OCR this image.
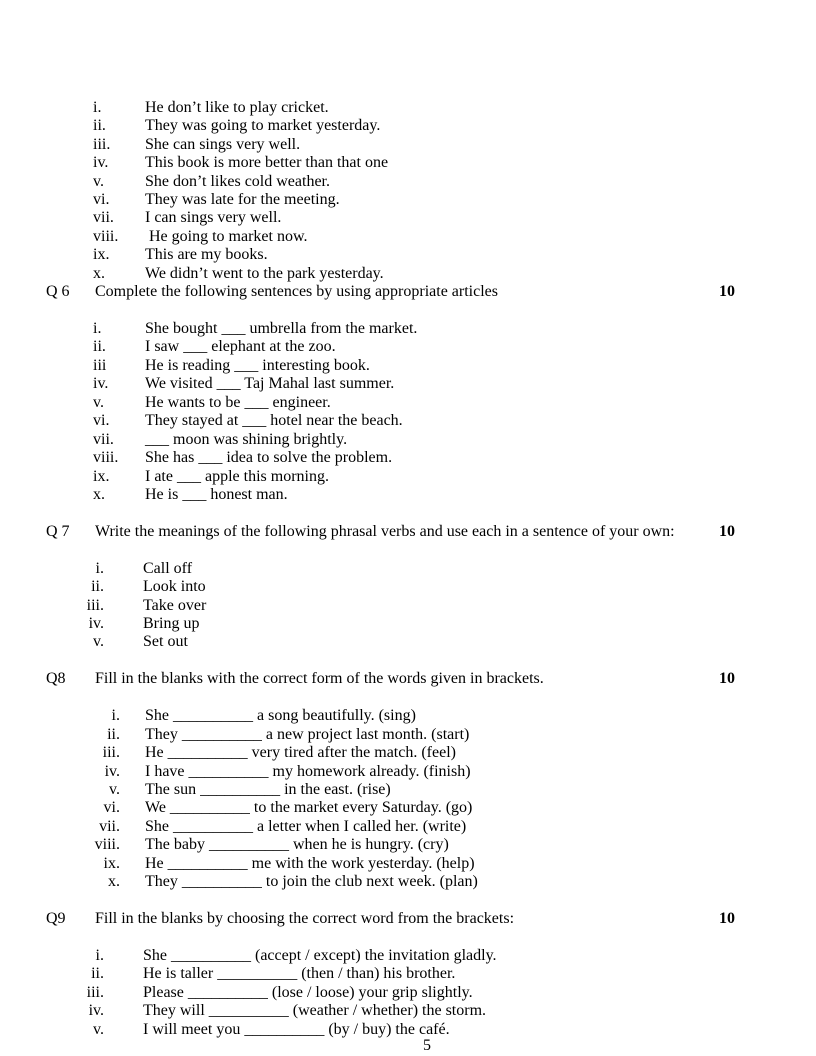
i.	He don’t like to play cricket.
ii. They was going to market yesterday.
iii. She can sings very well.
iv. This book is more better than that one
v.	She don’t likes cold weather.
vi. They was late for the meeting.
vii. I can sings very well.
viii. He going to market now.
ix. This are my books.
x.	We didn’t went to the park yesterday.
Q 6 Complete the following sentences by using appropriate articles	10
i.	She bought ___ umbrella from the market.
ii. I saw ___ elephant at the zoo.
iii He is reading ___ interesting book.
iv. We visited ___ Taj Mahal last summer.
v.	He wants to be ___ engineer.
vi. They stayed at ___ hotel near the beach.
vii. ___ moon was shining brightly.
viii. She has ___ idea to solve the problem.
ix. I ate ___ apple this morning.
x.	He is ___ honest man.
Q 7 Write the meanings of the following phrasal verbs and use each in a sentence of your own:	10
i. Call off
ii. Look into
iii. Take over
iv. Bring up
v. Set out
Q8 Fill in the blanks with the correct form of the words given in brackets.	10
i. She __________ a song beautifully. (sing)
ii. They __________ a new project last month. (start)
iii. He __________ very tired after the match. (feel)
iv. I have __________ my homework already. (finish)
v. The sun __________ in the east. (rise)
vi. We __________ to the market every Saturday. (go)
vii. She __________ a letter when I called her. (write)
viii. The baby __________ when he is hungry. (cry)
ix. He __________ me with the work yesterday. (help)
x. They __________ to join the club next week. (plan)
Q9 Fill in the blanks by choosing the correct word from the brackets:	10
i. She __________ (accept / except) the invitation gladly.
ii. He is taller __________ (then / than) his brother.
iii. Please __________ (lose / loose) your grip slightly.
iv. They will __________ (weather / whether) the storm.
v. I will meet you __________ (by / buy) the café.
5
